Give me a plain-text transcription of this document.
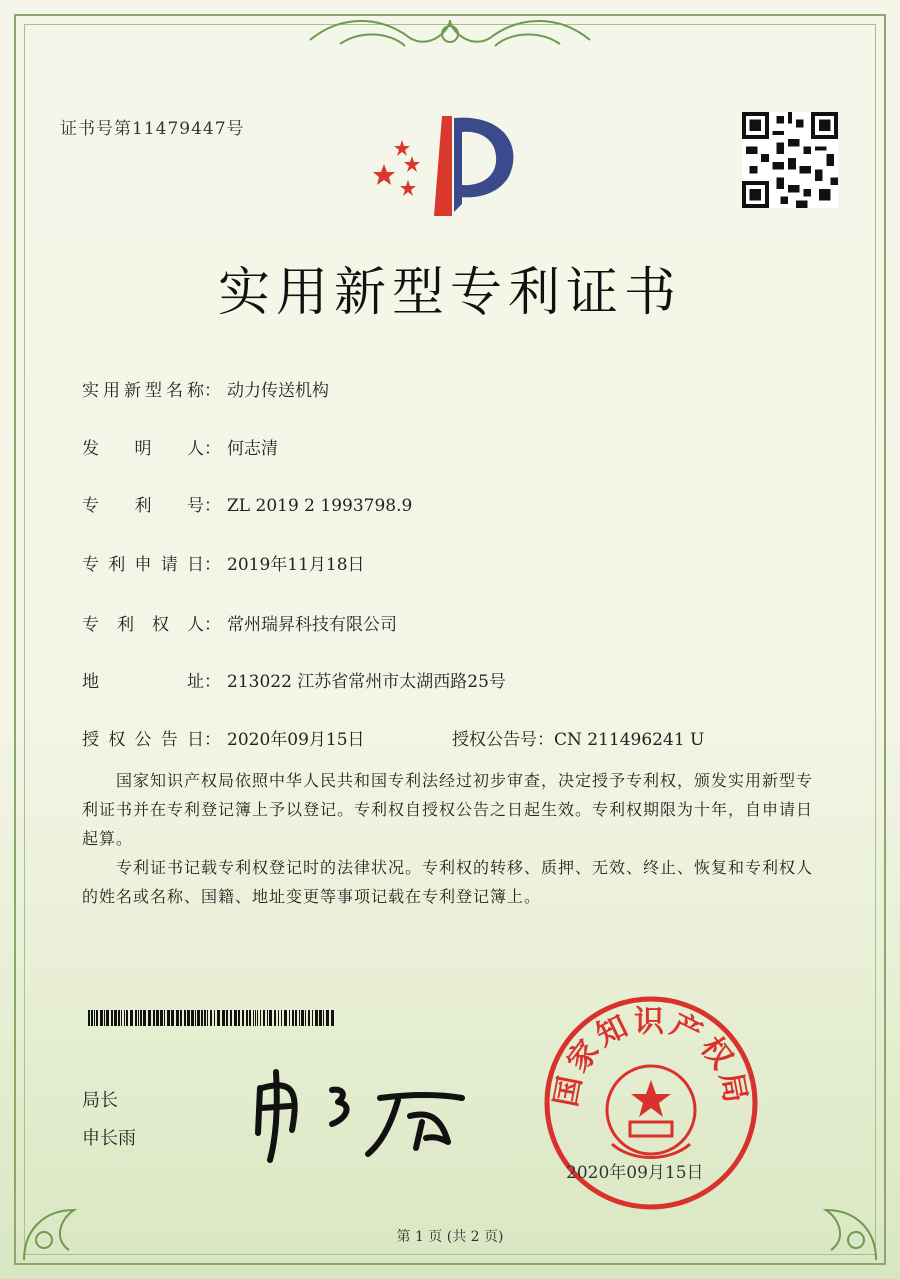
证书号第11479447号
实用新型专利证书
实用新型名称： 动力传送机构
发明人： 何志清
专利号： ZL 2019 2 1993798.9
专利申请日： 2019年11月18日
专利权人： 常州瑞昇科技有限公司
地址： 213022 江苏省常州市太湖西路25号
授权公告日： 2020年09月15日	授权公告号：CN 211496241 U
国家知识产权局依照中华人民共和国专利法经过初步审查，决定授予专利权，颁发实用新型专利证书并在专利登记簿上予以登记。专利权自授权公告之日起生效。专利权期限为十年，自申请日起算。
专利证书记载专利权登记时的法律状况。专利权的转移、质押、无效、终止、恢复和专利权人的姓名或名称、国籍、地址变更等事项记载在专利登记簿上。
局长
申长雨
国家知识产权局
2020年09月15日
第 1 页 (共 2 页)
